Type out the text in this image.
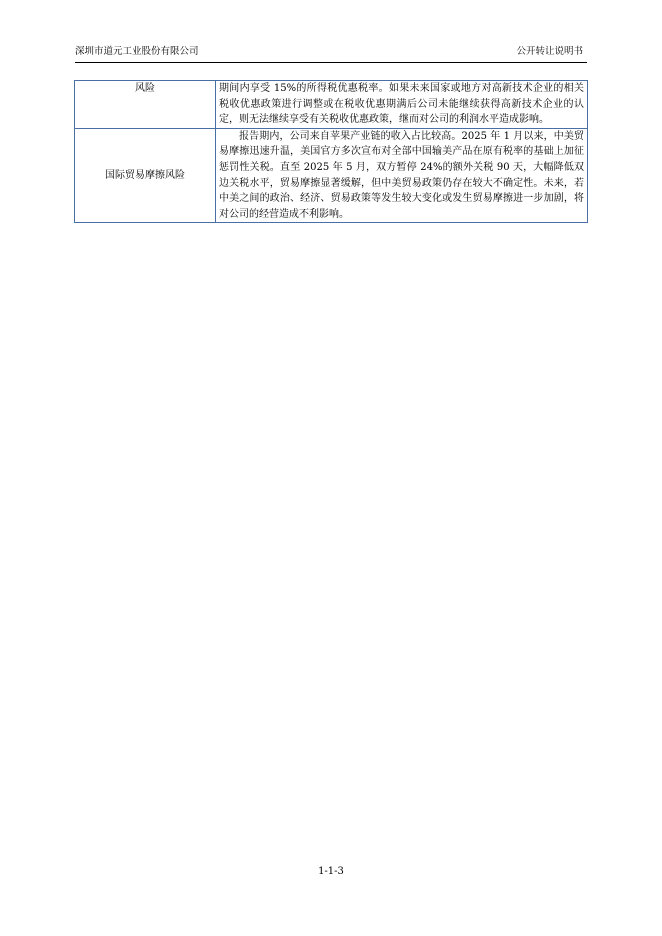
深圳市道元工业股份有限公司	公开转让说明书
风险	期间内享受 15%的所得税优惠税率。如果未来国家或地方对高新技术企业的相关税收优惠政策进行调整或在税收优惠期满后公司未能继续获得高新技术企业的认定，则无法继续享受有关税收优惠政策，继而对公司的利润水平造成影响。

国际贸易摩擦风险	报告期内，公司来自苹果产业链的收入占比较高。2025 年 1 月以来，中美贸易摩擦迅速升温，美国官方多次宣布对全部中国输美产品在原有税率的基础上加征惩罚性关税。直至 2025 年 5 月，双方暂停 24%的额外关税 90 天，大幅降低双边关税水平，贸易摩擦显著缓解，但中美贸易政策仍存在较大不确定性。未来，若中美之间的政治、经济、贸易政策等发生较大变化或发生贸易摩擦进一步加剧，将对公司的经营造成不利影响。
1-1-3
